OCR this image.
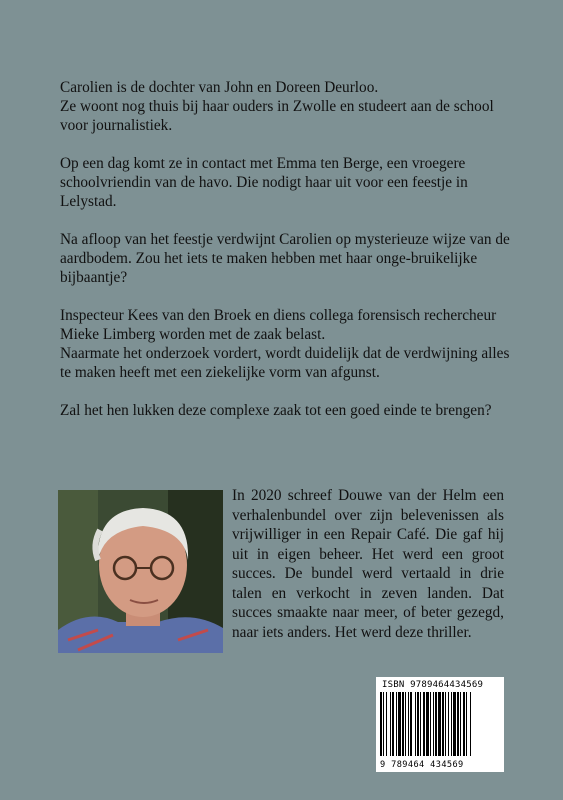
Carolien is de dochter van John en Doreen Deurloo.

Ze woont nog thuis bij haar ouders in Zwolle en studeert aan de school voor journalistiek.

Op een dag komt ze in contact met Emma ten Berge, een vroegere schoolvriendin van de havo. Die nodigt haar uit voor een feestje in Lelystad.

Na afloop van het feestje verdwijnt Carolien op mysterieuze wijze van de aardbodem. Zou het iets te maken hebben met haar onge-bruikelijke bijbaantje?

Inspecteur Kees van den Broek en diens collega forensisch rechercheur Mieke Limberg worden met de zaak belast.

Naarmate het onderzoek vordert, wordt duidelijk dat de verdwijning alles te maken heeft met een ziekelijke vorm van afgunst.

Zal het hen lukken deze complexe zaak tot een goed einde te brengen?

In 2020 schreef Douwe van der Helm een verhalenbundel over zijn belevenissen als vrijwilliger in een Repair Café. Die gaf hij uit in eigen beheer. Het werd een groot succes. De bundel werd vertaald in drie talen en verkocht in zeven landen. Dat succes smaakte naar meer, of beter gezegd, naar iets anders. Het werd deze thriller.
ISBN 9789464434569
9 789464 434569
